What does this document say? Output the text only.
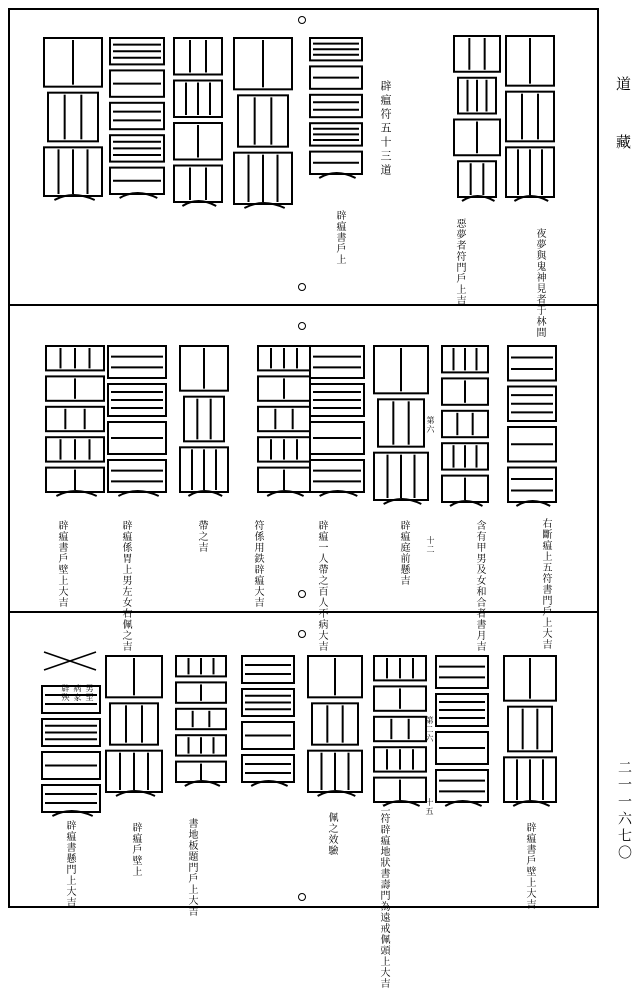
道
藏
二一一六七〇
辟瘟符五十三道
夜夢與鬼神見者于林間
惡夢者符門戶上吉
辟瘟書戶上
右斷瘟上五符書門戶上大吉
含有甲男及女和合者書月吉
辟瘟庭前懸吉
辟瘟一人帶之百人不病大吉
符係用鉄辟瘟大吉
帶之吉
辟瘟係胃上男左女右佩之吉
辟瘟書戶壁上大吉
第六
十二
辟瘟書戶壁上大吉
十五
二符辟瘟地狀書壽門為遠戒佩頭上大吉
佩之效驗
書地板題門戶上大吉
辟瘟戶壁上
辟瘟書懸門上大吉
第二六
男至
病家
辟殃
